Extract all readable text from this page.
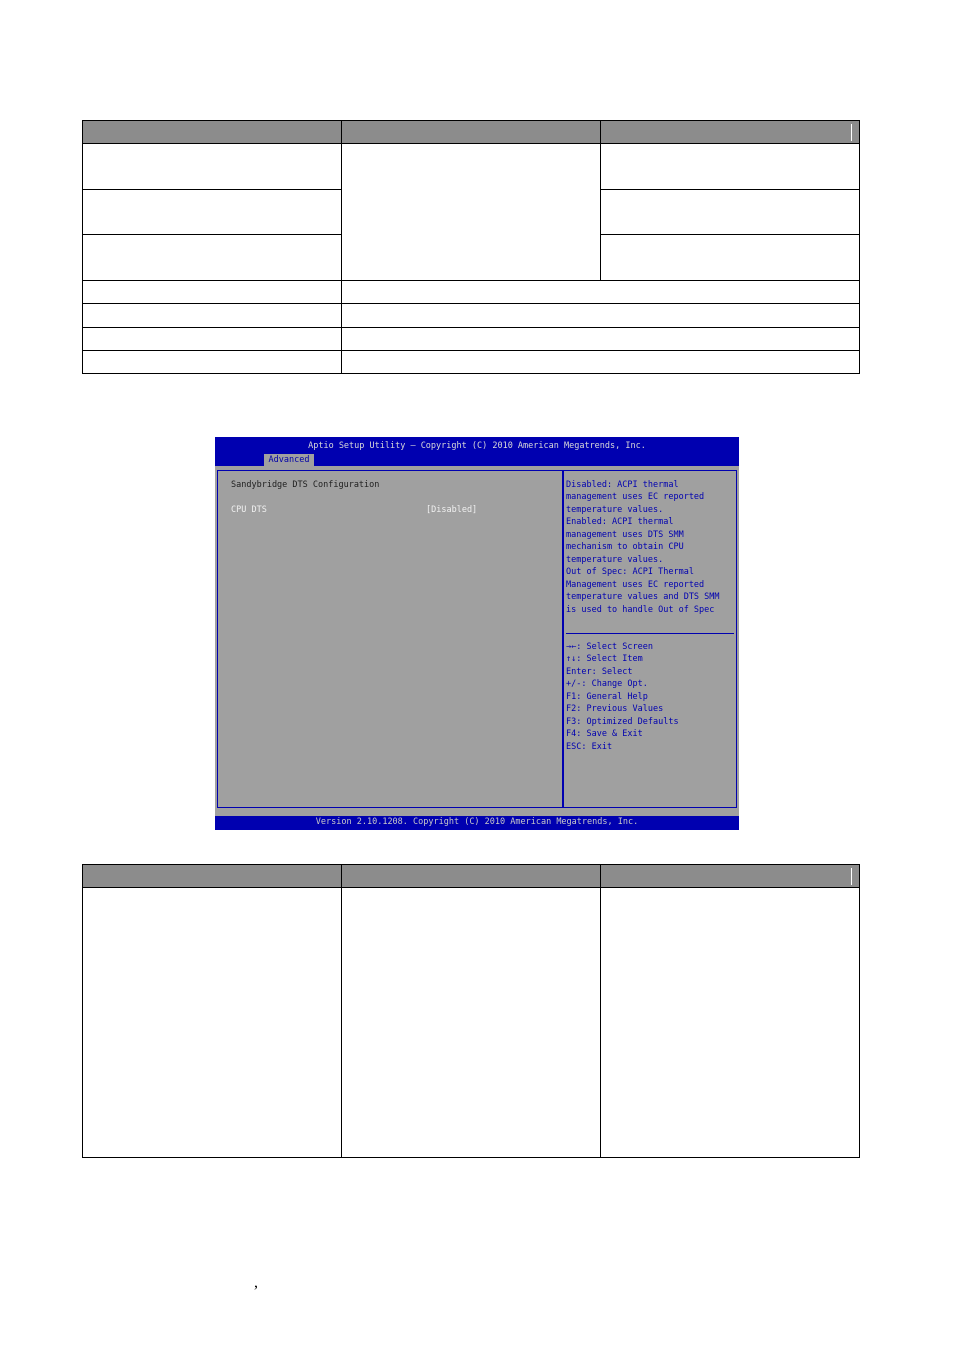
Aptio Setup Utility – Copyright (C) 2010 American Megatrends, Inc.
Advanced
Sandybridge DTS Configuration
CPU DTS	[Disabled]
Disabled: ACPI thermal
management uses EC reported
temperature values.
Enabled: ACPI thermal
management uses DTS SMM
mechanism to obtain CPU
temperature values.
Out of Spec: ACPI Thermal
Management uses EC reported
temperature values and DTS SMM
is used to handle Out of Spec
→←: Select Screen
↑↓: Select Item
Enter: Select
+/-: Change Opt.
F1: General Help
F2: Previous Values
F3: Optimized Defaults
F4: Save & Exit
ESC: Exit
Version 2.10.1208. Copyright (C) 2010 American Megatrends, Inc.
,
